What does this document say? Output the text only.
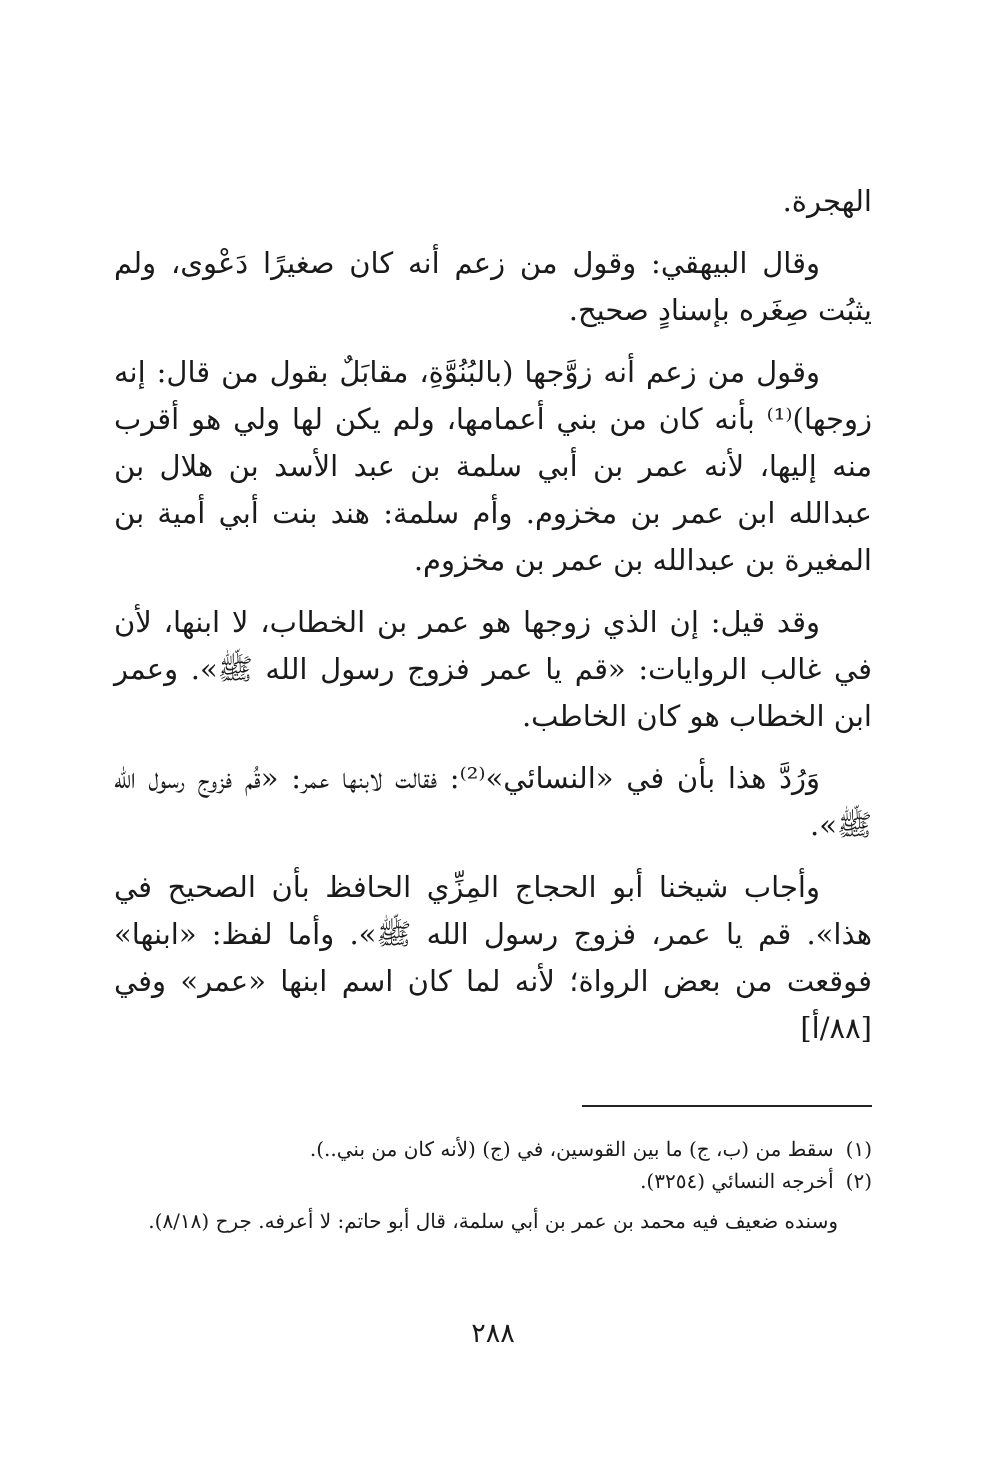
الهجرة.

وقال البيهقي: وقول من زعم أنه كان صغيرًا دَعْوى، ولم يثبُت صِغَره بإسنادٍ صحيح.

وقول من زعم أنه زوَّجها (بالبُنُوَّةِ، مقابَلٌ بقول من قال: إنه زوجها)⁽¹⁾ بأنه كان من بني أعمامها، ولم يكن لها ولي هو أقرب منه إليها، لأنه عمر بن أبي سلمة بن عبد الأسد بن هلال بن عبدالله ابن عمر بن مخزوم. وأم سلمة: هند بنت أبي أمية بن المغيرة بن عبدالله بن عمر بن مخزوم.

وقد قيل: إن الذي زوجها هو عمر بن الخطاب، لا ابنها، لأن في غالب الروايات: «قم يا عمر فزوج رسول الله ﷺ». وعمر ابن الخطاب هو كان الخاطب.

وَرُدَّ هذا بأن في «النسائي»⁽²⁾: فقالت لابنها عمر: «قُم فزوج رسول الله ﷺ».

وأجاب شيخنا أبو الحجاج المِزِّي الحافظ بأن الصحيح في هذا». قم يا عمر، فزوج رسول الله ﷺ». وأما لفظ: «ابنها» فوقعت من بعض الرواة؛ لأنه لما كان اسم ابنها «عمر» وفي [٨٨/أ]

(١)سقط من (ب، ج) ما بين القوسين، في (ج) (لأنه كان من بني..).

(٢)أخرجه النسائي (٣٢٥٤).

وسنده ضعيف فيه محمد بن عمر بن أبي سلمة، قال أبو حاتم: لا أعرفه. جرح (٨/١٨).

٢٨٨
